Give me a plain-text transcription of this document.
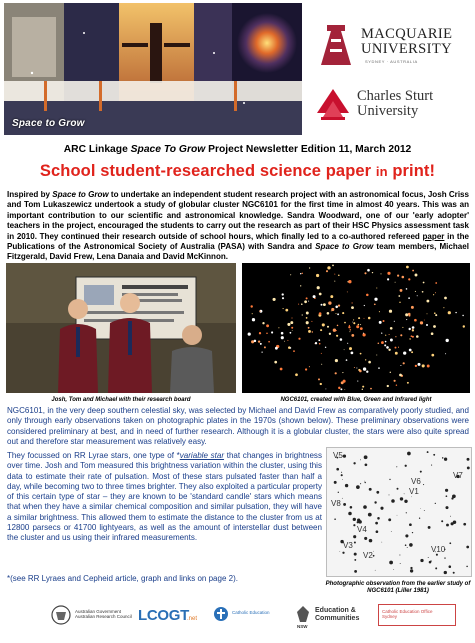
Space to Grow
MACQUARIE
UNIVERSITY
SYDNEY · AUSTRALIA
Charles Sturt
University
ARC Linkage Space To Grow Project Newsletter Edition 11, March 2012
School student-researched science paper in print!
Inspired by Space to Grow to undertake an independent student research project with an astronomical focus, Josh Criss and Tom Lukaszewicz undertook a study of globular cluster NGC6101 for the first time in almost 40 years. This was an important contribution to our scientific and astronomical knowledge. Sandra Woodward, one of our 'early adopter' teachers in the project, encouraged the students to carry out the research as part of their HSC Physics assessment task in 2010. They continued their research outside of school hours, which finally led to a co-authored refereed paper in the Publications of the Astronomical Society of Australia (PASA) with Sandra and Space to Grow team members, Michael Fitzgerald, David Frew, Lena Danaia and David McKinnon.
Josh, Tom and Michael with their research board	NGC6101, created with Blue, Green and Infrared light
NGC6101, in the very deep southern celestial sky, was selected by Michael and David Frew as comparatively poorly studied, and only through early observations taken on photographic plates in the 1970s (shown below). These preliminary observations were considered preliminary at best, and in need of further research. Although it is a globular cluster, the stars were also quite spread out and therefore star measurement was relatively easy.
They focussed on RR Lyrae stars, one type of *variable star that changes in brightness over time. Josh and Tom measured this brightness variation within the cluster, using this data to estimate their rate of pulsation. Most of these stars pulsated faster than half a day, while becoming two to three times brighter. They also exploited a particular property of this certain type of star – they are known to be 'standard candle' stars which means that when they have a similar chemical composition and similar pulsation, they will have a similar brightness. This allowed them to estimate the distance to the cluster from us at 12800 parsecs or 41700 lightyears, as well as the amount of interstellar dust between the cluster and us using their infrared measurements.
*(see RR Lyraes and Cepheid article, graph and links on page 2).
V5
V7
V6
V1
V8
V4
V10
V3
V2
Photographic observation from the earlier study of NGC6101 (Liller 1981)
Australian Government
Australian Research Council LCOGT
.net
Catholic Education
NSW
Education &
Communities
Catholic Education Office
Sydney
